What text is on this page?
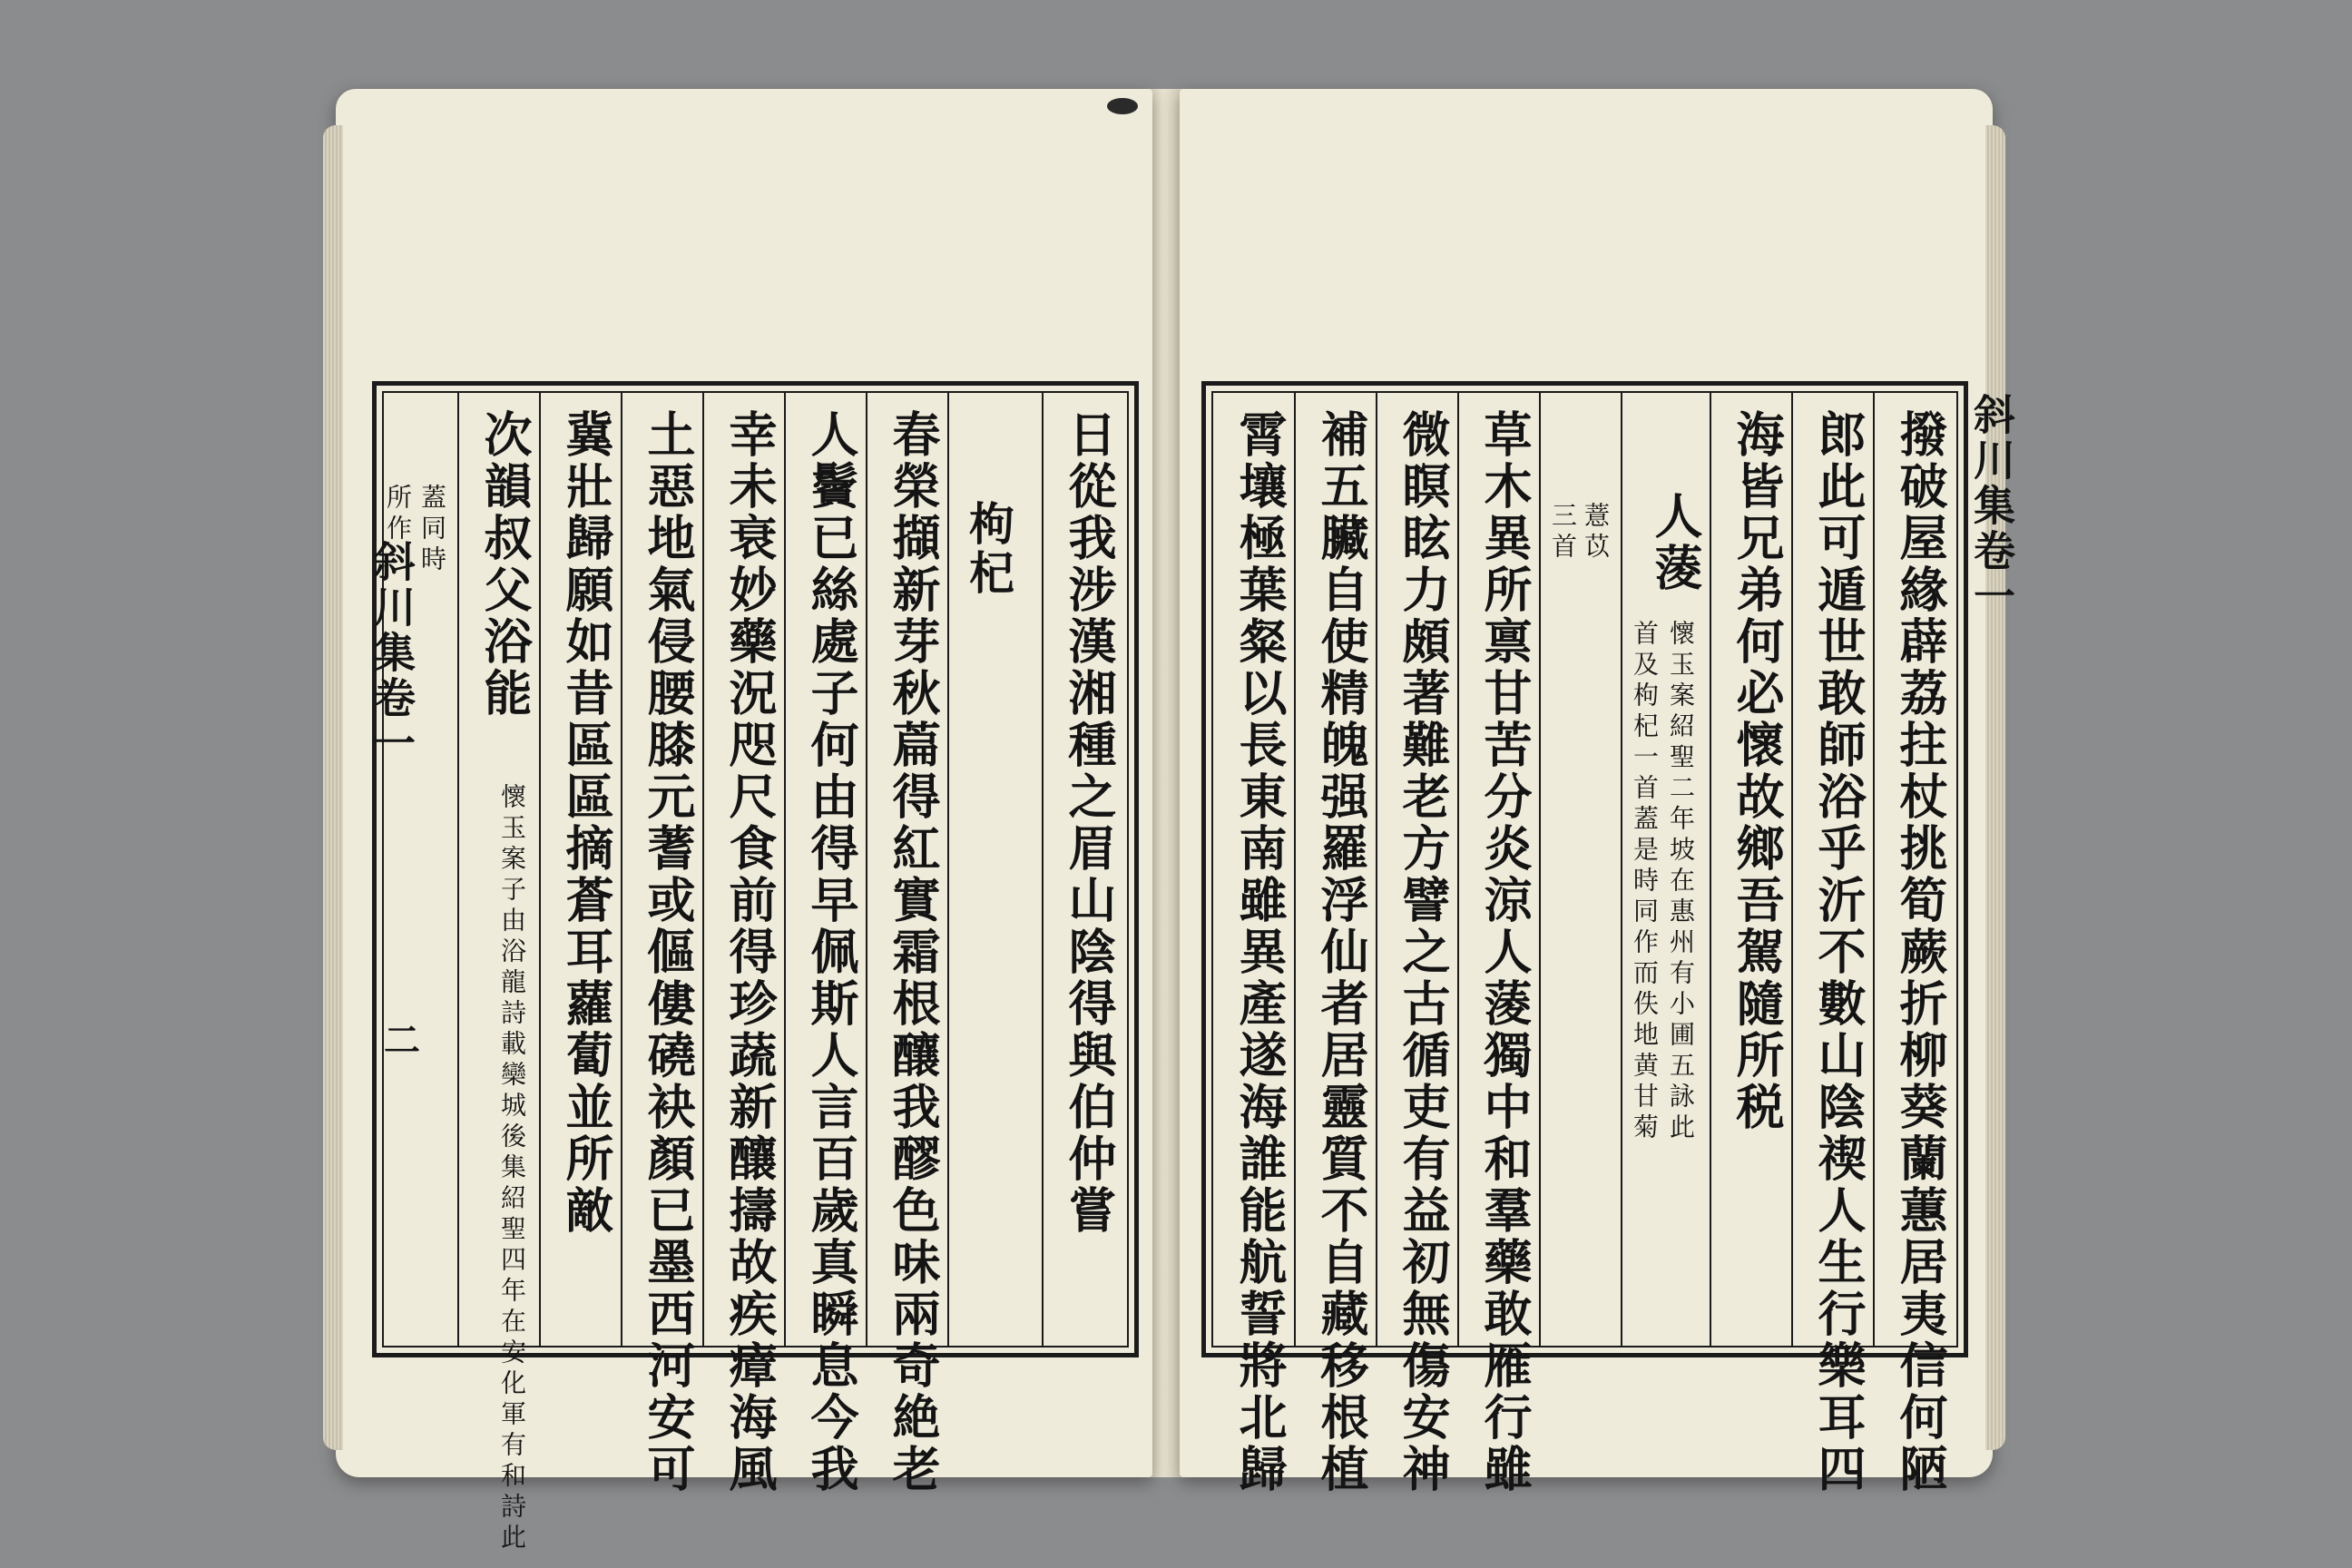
日從我涉漢湘種之眉山陰得與伯仲嘗
枸杞
春榮擷新芽秋萹得紅實霜根釀我醪色味兩奇絶老
人鬢已絲處子何由得早佩斯人言百歲真瞬息今我
幸未衰妙藥況咫尺食前得珍蔬新釀擣故疾瘴海風
土惡地氣侵腰膝元蓍或傴僂磽袂顏已墨西河安可
冀壯歸願如昔區區摘蒼耳蘿蔔並所敵
次韻叔父浴能
懷玉案子由浴龍詩載欒城後集紹聖四年在安化軍有和詩此
蓋同時
所作
斜川集卷一
二
斜川集卷一
撥破屋緣薜荔拄杖挑筍蕨折柳葵蘭蕙居夷信何陋
郎此可遁世敢師浴乎沂不數山陰禊人生行樂耳四
海皆兄弟何必懷故鄉吾駕隨所税
人蔆
懷玉案紹聖二年坡在惠州有小圃五詠此
首及枸杞一首蓋是時同作而佚地黄甘菊
薏苡
三首
草木異所禀甘苦分炎涼人蔆獨中和羣藥敢雁行雖
微瞑眩力頗著難老方譬之古循吏有益初無傷安神
補五臟自使精魄强羅浮仙者居靈質不自藏移根植
霄壤極葉粲以長東南雖異產遂海誰能航誓將北歸
